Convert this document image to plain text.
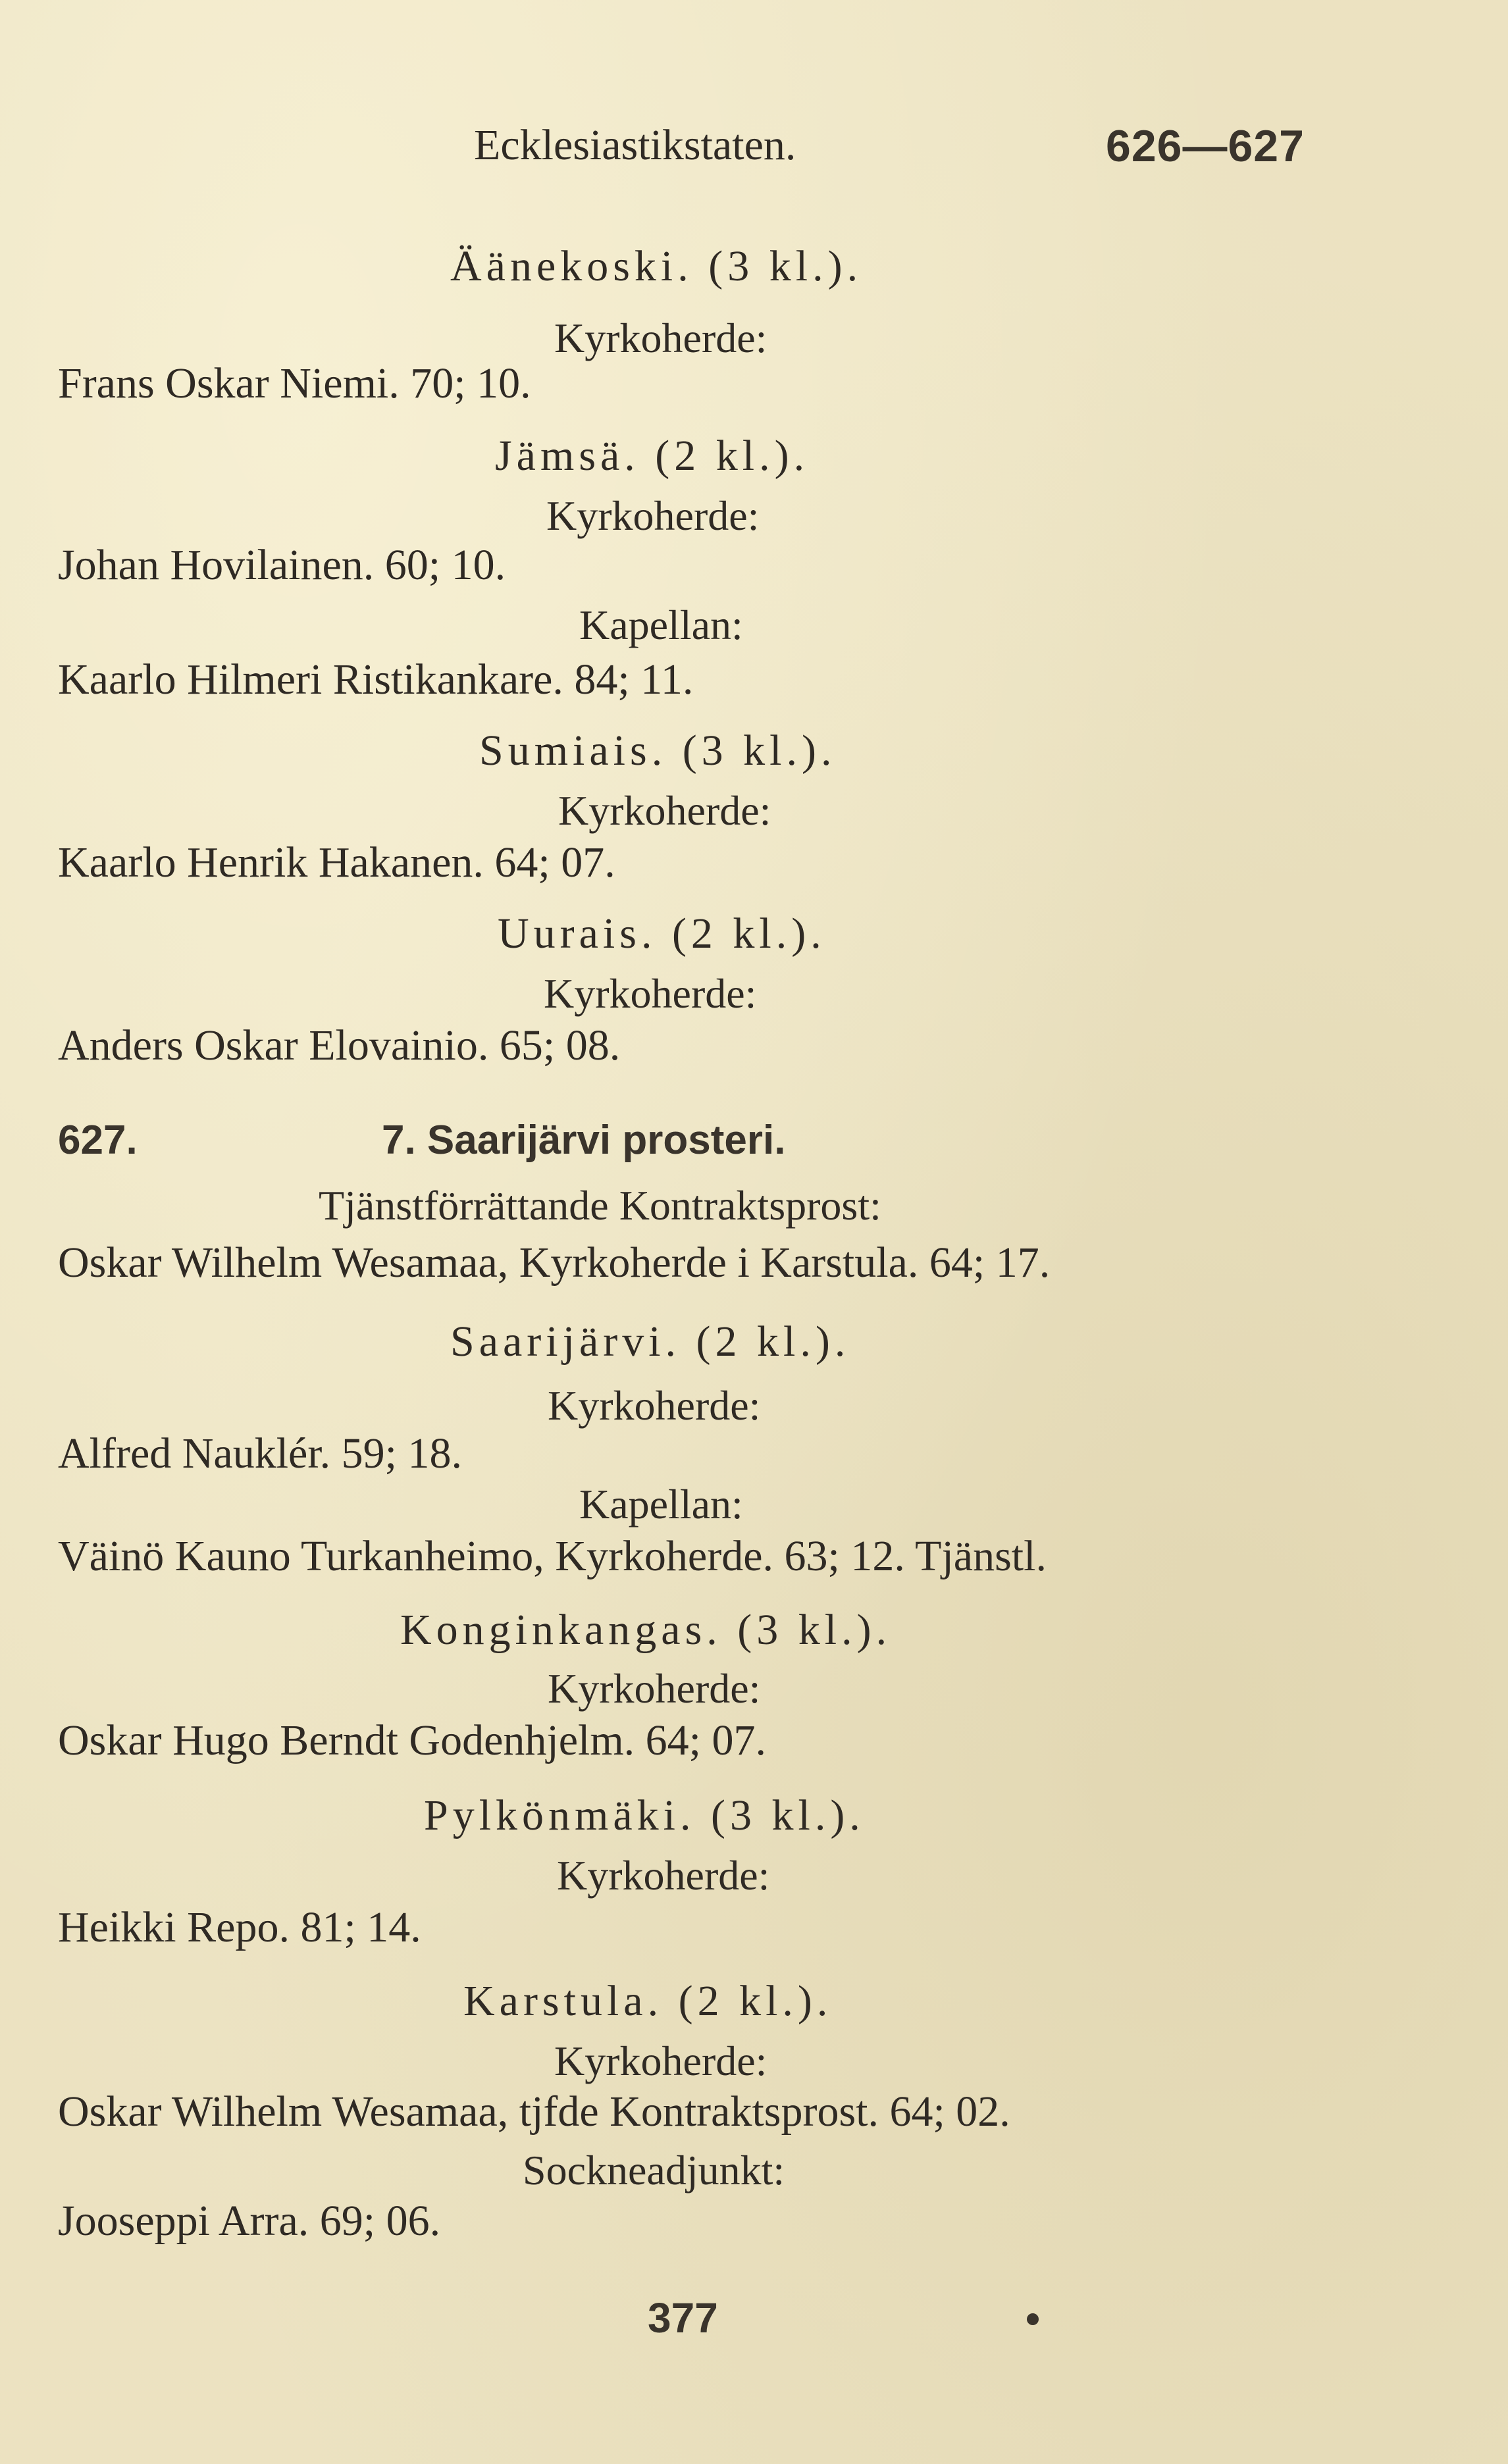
Ecklesiastikstaten.	626—627
Äänekoski. (3 kl.).
Kyrkoherde:
Frans Oskar Niemi. 70; 10.
Jämsä. (2 kl.).
Kyrkoherde:
Johan Hovilainen. 60; 10.
Kapellan:
Kaarlo Hilmeri Ristikankare. 84; 11.
Sumiais. (3 kl.).
Kyrkoherde:
Kaarlo Henrik Hakanen. 64; 07.
Uurais. (2 kl.).
Kyrkoherde:
Anders Oskar Elovainio. 65; 08.
627.	7. Saarijärvi prosteri.
Tjänstförrättande Kontraktsprost:
Oskar Wilhelm Wesamaa, Kyrkoherde i Karstula. 64; 17.
Saarijärvi. (2 kl.).
Kyrkoherde:
Alfred Nauklér. 59; 18.
Kapellan:
Väinö Kauno Turkanheimo, Kyrkoherde. 63; 12. Tjänstl.
Konginkangas. (3 kl.).
Kyrkoherde:
Oskar Hugo Berndt Godenhjelm. 64; 07.
Pylkönmäki. (3 kl.).
Kyrkoherde:
Heikki Repo. 81; 14.
Karstula. (2 kl.).
Kyrkoherde:
Oskar Wilhelm Wesamaa, tjfde Kontraktsprost. 64; 02.
Sockneadjunkt:
Jooseppi Arra. 69; 06.
377
